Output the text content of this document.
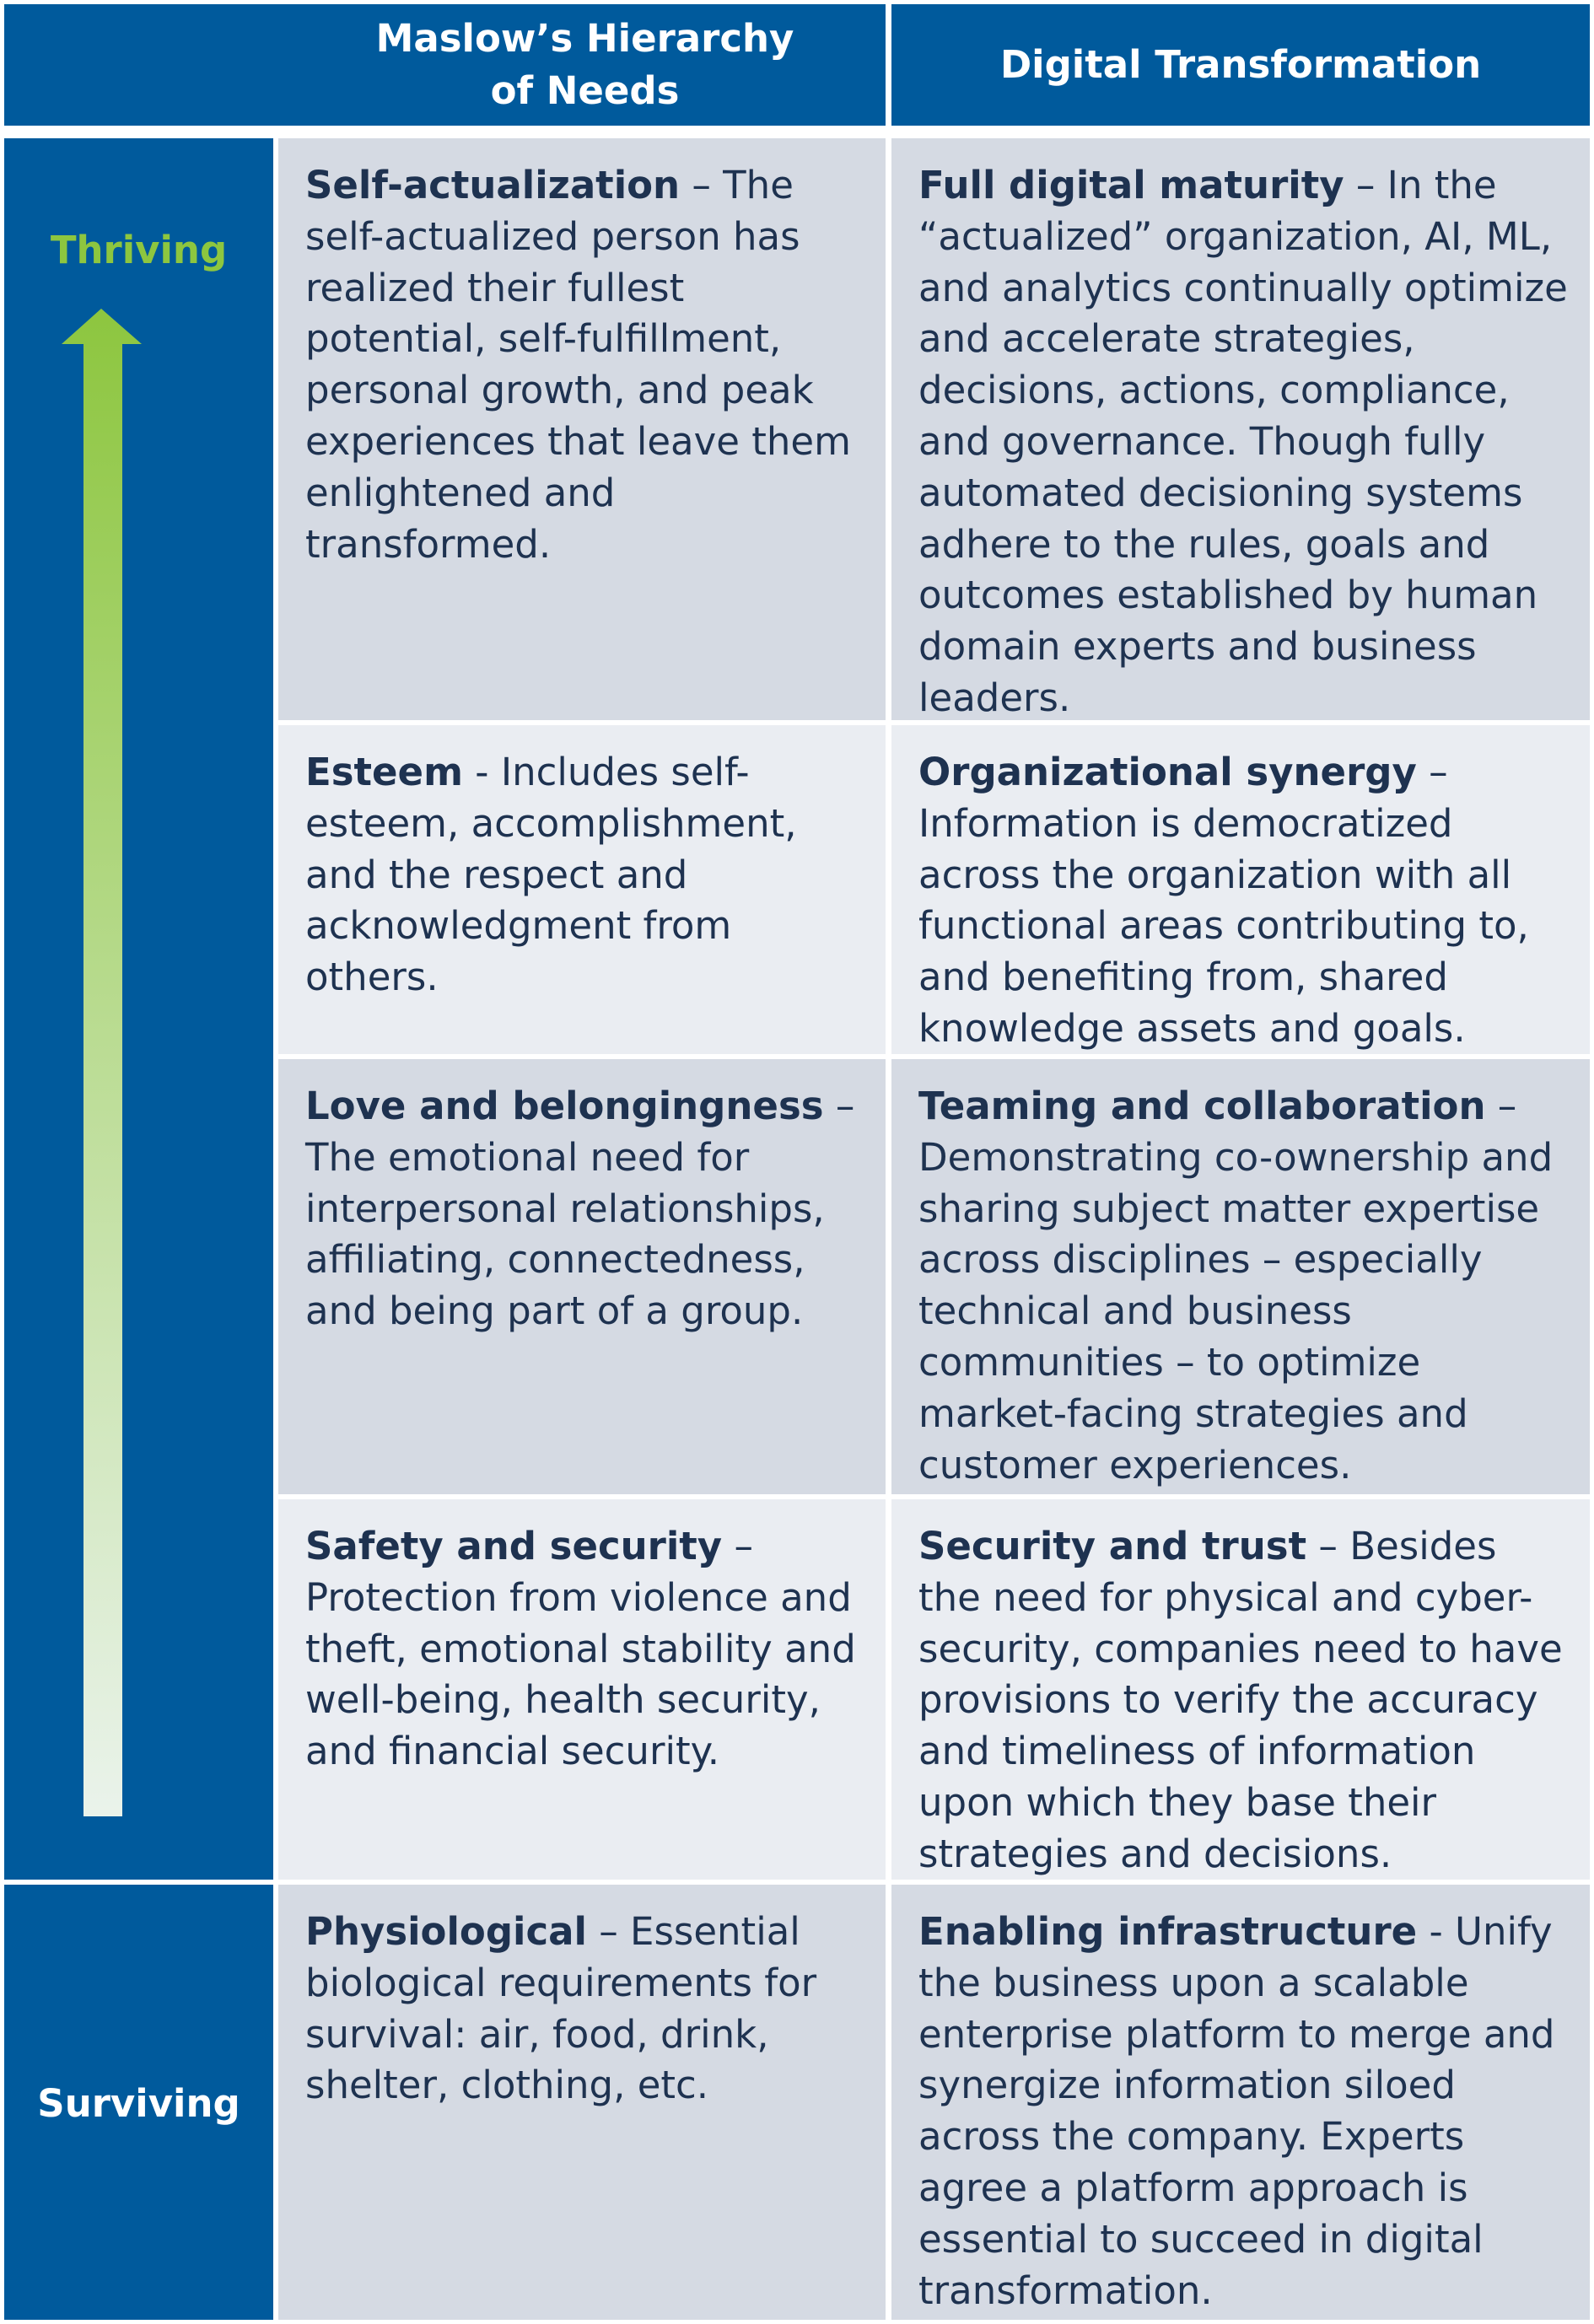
Maslow’s Hierarchy
of Needs
Digital Transformation
Thriving
Surviving
Self-actualization – The self-actualized person has realized their fullest potential, self-fulfillment, personal growth, and peak experiences that leave them enlightened and transformed.
Full digital maturity – In the “actualized” organization, AI, ML, and analytics continually optimize and accelerate strategies, decisions, actions, compliance, and governance. Though fully automated decisioning systems adhere to the rules, goals and outcomes established by human domain experts and business leaders.
Esteem - Includes self-esteem, accomplishment, and the respect and acknowledgment from others.
Organizational synergy – Information is democratized across the organization with all functional areas contributing to, and benefiting from, shared knowledge assets and goals.
Love and belongingness – The emotional need for interpersonal relationships, affiliating, connectedness, and being part of a group.
Teaming and collaboration – Demonstrating co-ownership and sharing subject matter expertise across disciplines – especially technical and business communities – to optimize market-facing strategies and customer experiences.
Safety and security – Protection from violence and theft, emotional stability and well-being, health security, and financial security.
Security and trust – Besides the need for physical and cyber-security, companies need to have provisions to verify the accuracy and timeliness of information upon which they base their strategies and decisions.
Physiological – Essential biological requirements for survival: air, food, drink, shelter, clothing, etc.
Enabling infrastructure - Unify the business upon a scalable enterprise platform to merge and synergize information siloed across the company. Experts agree a platform approach is essential to succeed in digital transformation.
